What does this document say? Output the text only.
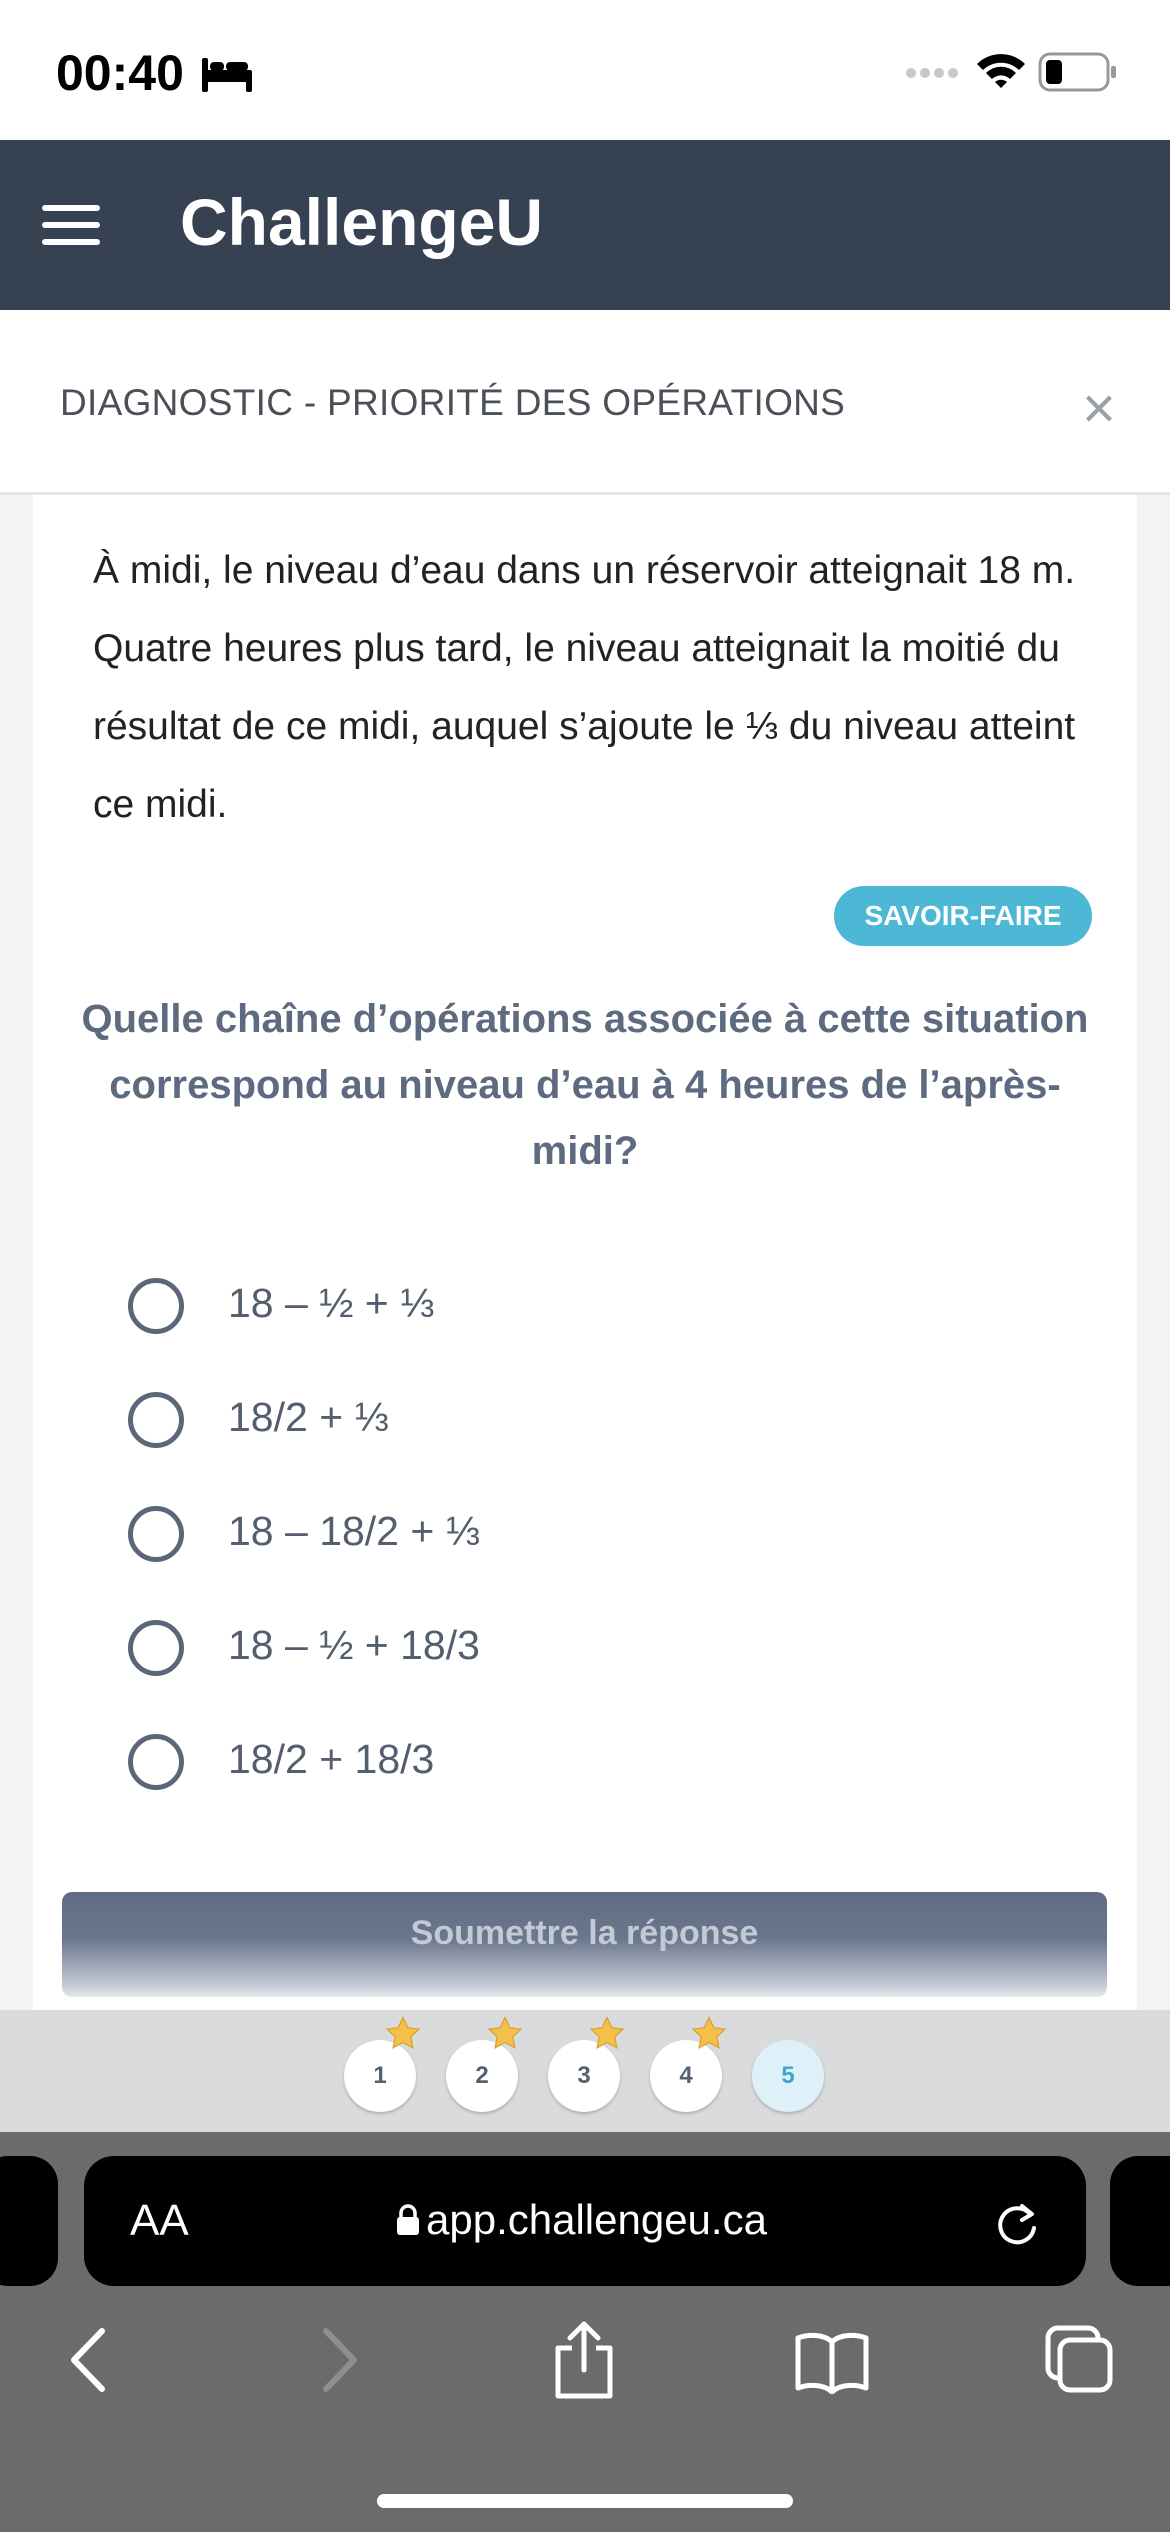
00:40
ChallengeU
DIAGNOSTIC - PRIORITÉ DES OPÉRATIONS	×
À midi, le niveau d’eau dans un réservoir atteignait 18 m. Quatre heures plus tard, le niveau atteignait la moitié du résultat de ce midi, auquel s’ajoute le ⅓ du niveau atteint ce midi.
SAVOIR-FAIRE
Quelle chaîne d’opérations associée à cette situation correspond au niveau d’eau à 4 heures de l’après-midi?
18 – ½ + ⅓
18/2 + ⅓
18 – 18/2 + ⅓
18 – ½ + 18/3
18/2 + 18/3
Soumettre la réponse
1	2	3	4	5
AA	app.challengeu.ca
